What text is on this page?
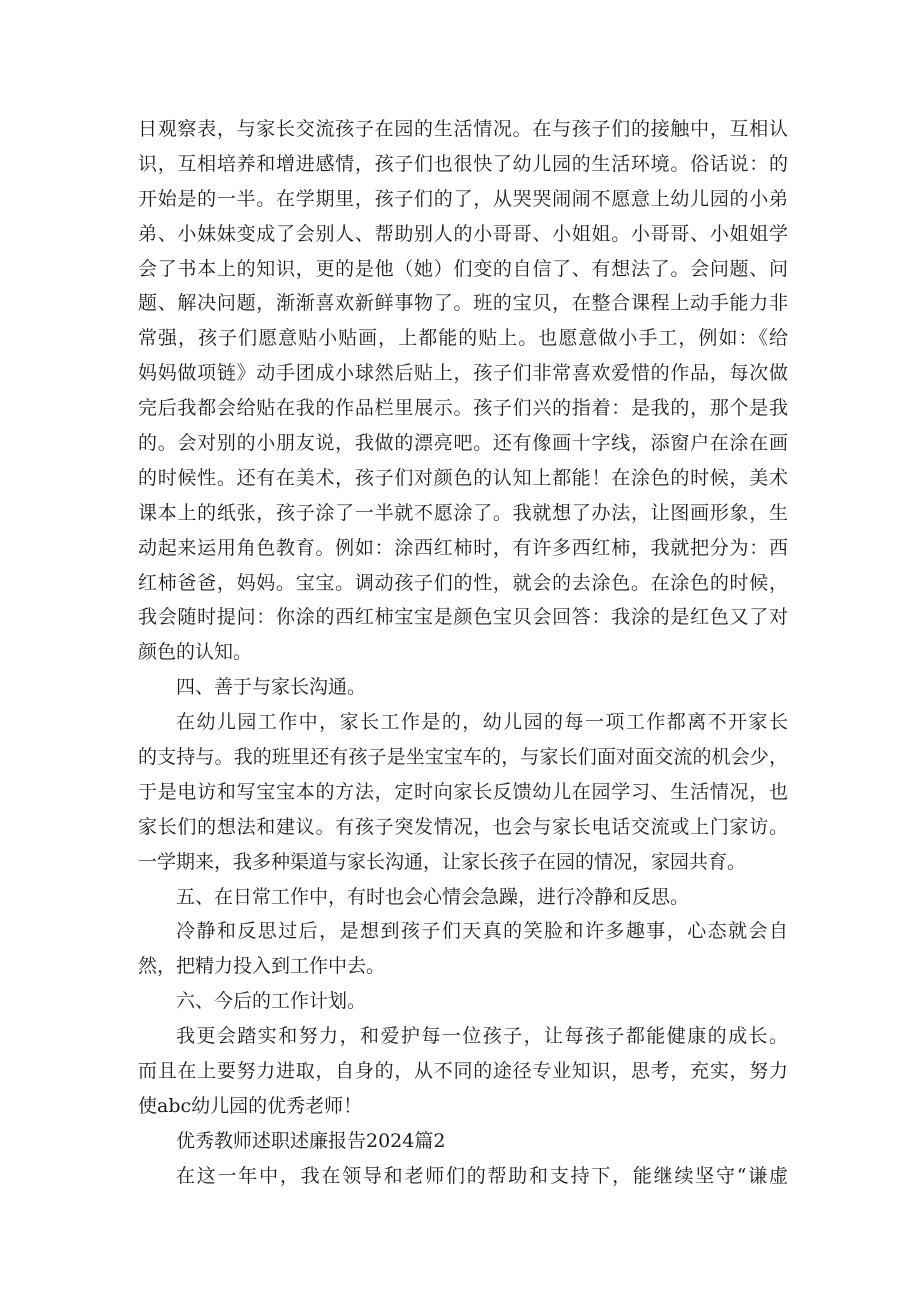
日观察表，与家长交流孩子在园的生活情况。在与孩子们的接触中，互相认
识，互相培养和增进感情，孩子们也很快了幼儿园的生活环境。俗话说：的
开始是的一半。在学期里，孩子们的了，从哭哭闹闹不愿意上幼儿园的小弟
弟、小妹妹变成了会别人、帮助别人的小哥哥、小姐姐。小哥哥、小姐姐学
会了书本上的知识，更的是他（她）们变的自信了、有想法了。会问题、问
题、解决问题，渐渐喜欢新鲜事物了。班的宝贝，在整合课程上动手能力非
常强，孩子们愿意贴小贴画，上都能的贴上。也愿意做小手工，例如：《给
妈妈做项链》动手团成小球然后贴上，孩子们非常喜欢爱惜的作品，每次做
完后我都会给贴在我的作品栏里展示。孩子们兴的指着：是我的，那个是我
的。会对别的小朋友说，我做的漂亮吧。还有像画十字线，添窗户在涂在画
的时候性。还有在美术，孩子们对颜色的认知上都能！在涂色的时候，美术
课本上的纸张，孩子涂了一半就不愿涂了。我就想了办法，让图画形象，生
动起来运用角色教育。例如：涂西红柿时，有许多西红柿，我就把分为：西
红柿爸爸，妈妈。宝宝。调动孩子们的性，就会的去涂色。在涂色的时候，
我会随时提问：你涂的西红柿宝宝是颜色宝贝会回答：我涂的是红色又了对
颜色的认知。
四、善于与家长沟通。
在幼儿园工作中，家长工作是的，幼儿园的每一项工作都离不开家长
的支持与。我的班里还有孩子是坐宝宝车的，与家长们面对面交流的机会少，
于是电访和写宝宝本的方法，定时向家长反馈幼儿在园学习、生活情况，也
家长们的想法和建议。有孩子突发情况，也会与家长电话交流或上门家访。
一学期来，我多种渠道与家长沟通，让家长孩子在园的情况，家园共育。
五、在日常工作中，有时也会心情会急躁，进行冷静和反思。
冷静和反思过后，是想到孩子们天真的笑脸和许多趣事，心态就会自
然，把精力投入到工作中去。
六、今后的工作计划。
我更会踏实和努力，和爱护每一位孩子，让每孩子都能健康的成长。
而且在上要努力进取，自身的，从不同的途径专业知识，思考，充实，努力
使abc幼儿园的优秀老师！
优秀教师述职述廉报告2024篇2
在这一年中，我在领导和老师们的帮助和支持下，能继续坚守“谦虚
